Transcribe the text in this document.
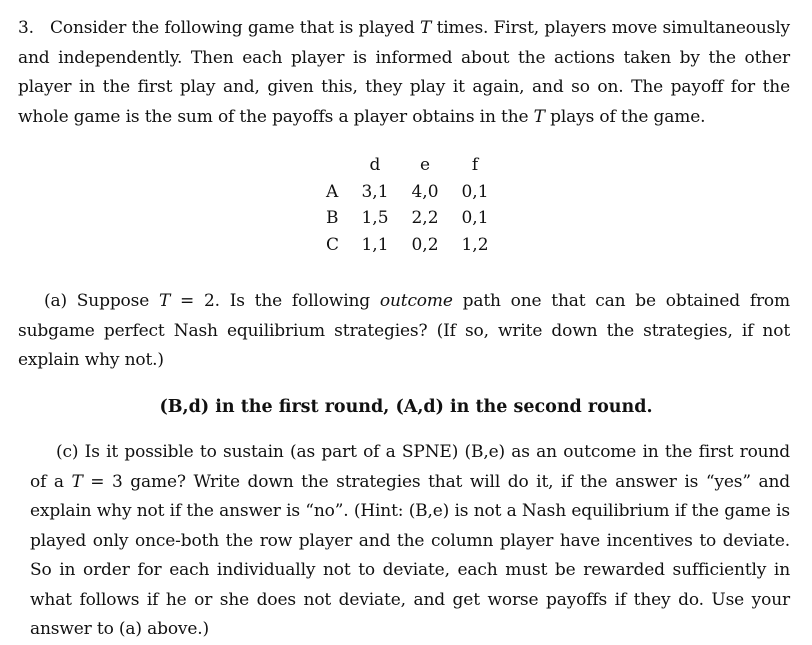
3. Consider the following game that is played T times. First, players move simultaneously and independently. Then each player is informed about the actions taken by the other player in the first play and, given this, they play it again, and so on. The payoff for the whole game is the sum of the payoffs a player obtains in the T plays of the game.
	d	e	f
A	3,1	4,0	0,1
B	1,5	2,2	0,1
C	1,1	0,2	1,2
(a) Suppose T = 2. Is the following outcome path one that can be obtained from subgame perfect Nash equilibrium strategies? (If so, write down the strategies, if not explain why not.)
(B,d) in the first round, (A,d) in the second round.
(c) Is it possible to sustain (as part of a SPNE) (B,e) as an outcome in the first round of a T = 3 game? Write down the strategies that will do it, if the answer is “yes” and explain why not if the answer is “no”. (Hint: (B,e) is not a Nash equilibrium if the game is played only once-both the row player and the column player have incentives to deviate. So in order for each individually not to deviate, each must be rewarded sufficiently in what follows if he or she does not deviate, and get worse payoffs if they do. Use your answer to (a) above.)
